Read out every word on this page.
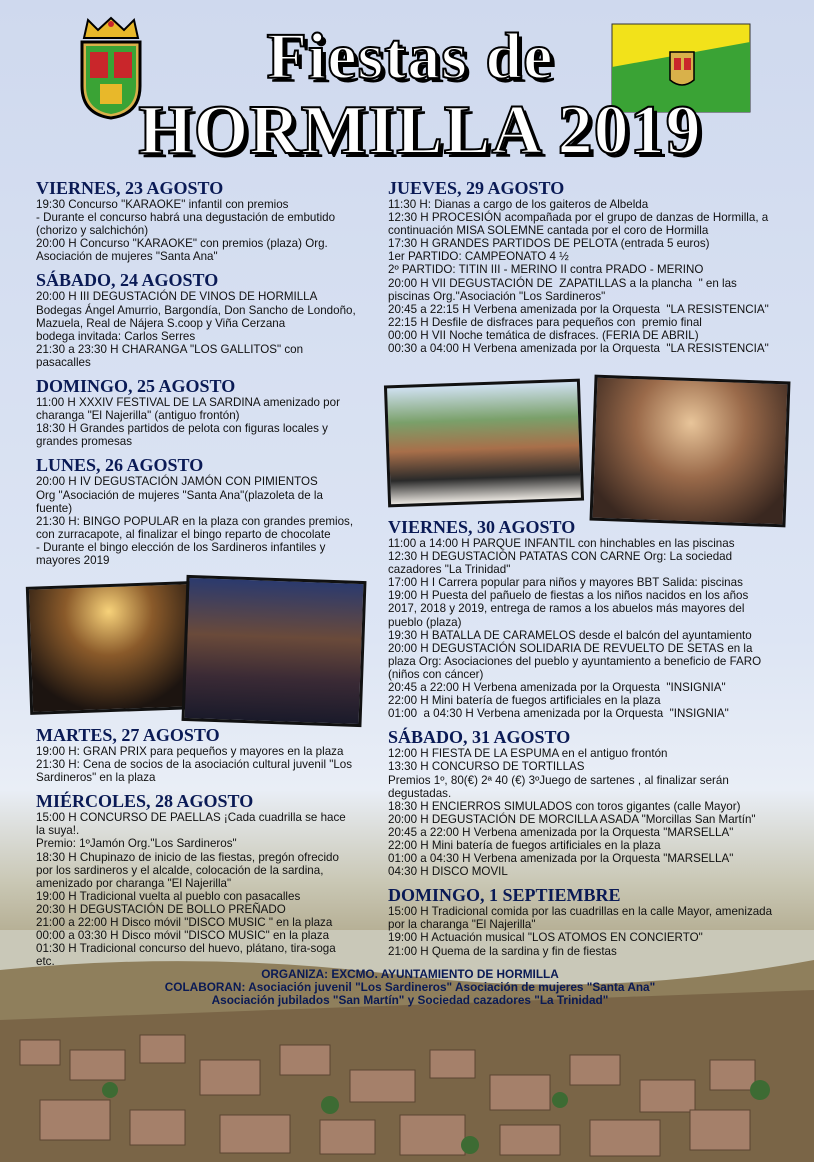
Fiestas de
HORMILLA 2019
VIERNES, 23 AGOSTO

19:30 Concurso "KARAOKE" infantil con premios

- Durante el concurso habrá una degustación de embutido (chorizo y salchichón)

20:00 H Concurso "KARAOKE" con premios (plaza) Org. Asociación de mujeres "Santa Ana"

SÁBADO, 24 AGOSTO

20:00 H III DEGUSTACIÓN DE VINOS DE HORMILLA

Bodegas Ángel Amurrio, Bargondía, Don Sancho de Londoño, Mazuela, Real de Nájera S.coop y Viña Cerzana

bodega invitada: Carlos Serres

21:30 a 23:30 H CHARANGA "LOS GALLITOS" con pasacalles

DOMINGO, 25 AGOSTO

11:00 H XXXIV FESTIVAL DE LA SARDINA amenizado por charanga "El Najerilla" (antiguo frontón)

18:30 H Grandes partidos de pelota con figuras locales y grandes promesas

LUNES, 26 AGOSTO

20:00 H IV DEGUSTACIÓN JAMÓN CON PIMIENTOS

Org "Asociación de mujeres "Santa Ana"(plazoleta de la fuente)

21:30 H: BINGO POPULAR en la plaza con grandes premios, con zurracapote, al finalizar el bingo reparto de chocolate

- Durante el bingo elección de los Sardineros infantiles y mayores 2019

MARTES, 27 AGOSTO

19:00 H: GRAN PRIX para pequeños y mayores en la plaza

21:30 H: Cena de socios de la asociación cultural juvenil "Los Sardineros" en la plaza

MIÉRCOLES, 28 AGOSTO

15:00 H CONCURSO DE PAELLAS ¡Cada cuadrilla se hace la suya!.

Premio: 1ºJamón Org."Los Sardineros"

18:30 H Chupinazo de inicio de las fiestas, pregón ofrecido por los sardineros y el alcalde, colocación de la sardina, amenizado por charanga "El Najerilla"

19:00 H Tradicional vuelta al pueblo con pasacalles

20:30 H DEGUSTACIÓN DE BOLLO PREÑADO

21:00 a 22:00 H Disco móvil "DISCO MUSIC " en la plaza

00:00 a 03:30 H Disco móvil "DISCO MUSIC" en la plaza

01:30 H Tradicional concurso del huevo, plátano, tira-soga etc.

JUEVES, 29 AGOSTO

11:30 H: Dianas a cargo de los gaiteros de Albelda

12:30 H PROCESIÓN acompañada por el grupo de danzas de Hormilla, a continuación MISA SOLEMNE cantada por el coro de Hormilla

17:30 H GRANDES PARTIDOS DE PELOTA (entrada 5 euros)

1er PARTIDO: CAMPEONATO 4 ½

2º PARTIDO: TITIN III - MERINO II contra PRADO - MERINO

20:00 H VII DEGUSTACIÓN DE  ZAPATILLAS a la plancha  " en las piscinas Org."Asociación "Los Sardineros"

20:45 a 22:15 H Verbena amenizada por la Orquesta  "LA RESISTENCIA"

22:15 H Desfile de disfraces para pequeños con  premio final

00:00 H VII Noche temática de disfraces. (FERIA DE ABRIL)

00:30 a 04:00 H Verbena amenizada por la Orquesta  "LA RESISTENCIA"

VIERNES, 30 AGOSTO

11:00 a 14:00 H PARQUE INFANTIL con hinchables en las piscinas

12:30 H DEGUSTACIÓN PATATAS CON CARNE Org: La sociedad cazadores "La Trinidad"

17:00 H I Carrera popular para niños y mayores BBT Salida: piscinas

19:00 H Puesta del pañuelo de fiestas a los niños nacidos en los años 2017, 2018 y 2019, entrega de ramos a los abuelos más mayores del pueblo (plaza)

19:30 H BATALLA DE CARAMELOS desde el balcón del ayuntamiento

20:00 H DEGUSTACIÓN SOLIDARIA DE REVUELTO DE SETAS en la plaza Org: Asociaciones del pueblo y ayuntamiento a beneficio de FARO (niños con cáncer)

20:45 a 22:00 H Verbena amenizada por la Orquesta  "INSIGNIA"

22:00 H Mini batería de fuegos artificiales en la plaza

01:00  a 04:30 H Verbena amenizada por la Orquesta  "INSIGNIA"

SÁBADO, 31 AGOSTO

12:00 H FIESTA DE LA ESPUMA en el antiguo frontón

13:30 H CONCURSO DE TORTILLAS

Premios 1º, 80(€) 2ª 40 (€) 3ºJuego de sartenes , al finalizar serán degustadas.

18:30 H ENCIERROS SIMULADOS con toros gigantes (calle Mayor)

20:00 H DEGUSTACIÓN DE MORCILLA ASADA "Morcillas San Martín"

20:45 a 22:00 H Verbena amenizada por la Orquesta "MARSELLA"

22:00 H Mini batería de fuegos artificiales en la plaza

01:00 a 04:30 H Verbena amenizada por la Orquesta "MARSELLA"

04:30 H DISCO MOVIL

DOMINGO, 1 SEPTIEMBRE

15:00 H Tradicional comida por las cuadrillas en la calle Mayor, amenizada por la charanga "El Najerilla"

19:00 H Actuación musical "LOS ATOMOS EN CONCIERTO"

21:00 H Quema de la sardina y fin de fiestas

ORGANIZA: EXCMO. AYUNTAMIENTO DE HORMILLA
COLABORAN: Asociación juvenil "Los Sardineros" Asociación de mujeres "Santa Ana"
Asociación jubilados "San Martín" y Sociedad cazadores "La Trinidad"
